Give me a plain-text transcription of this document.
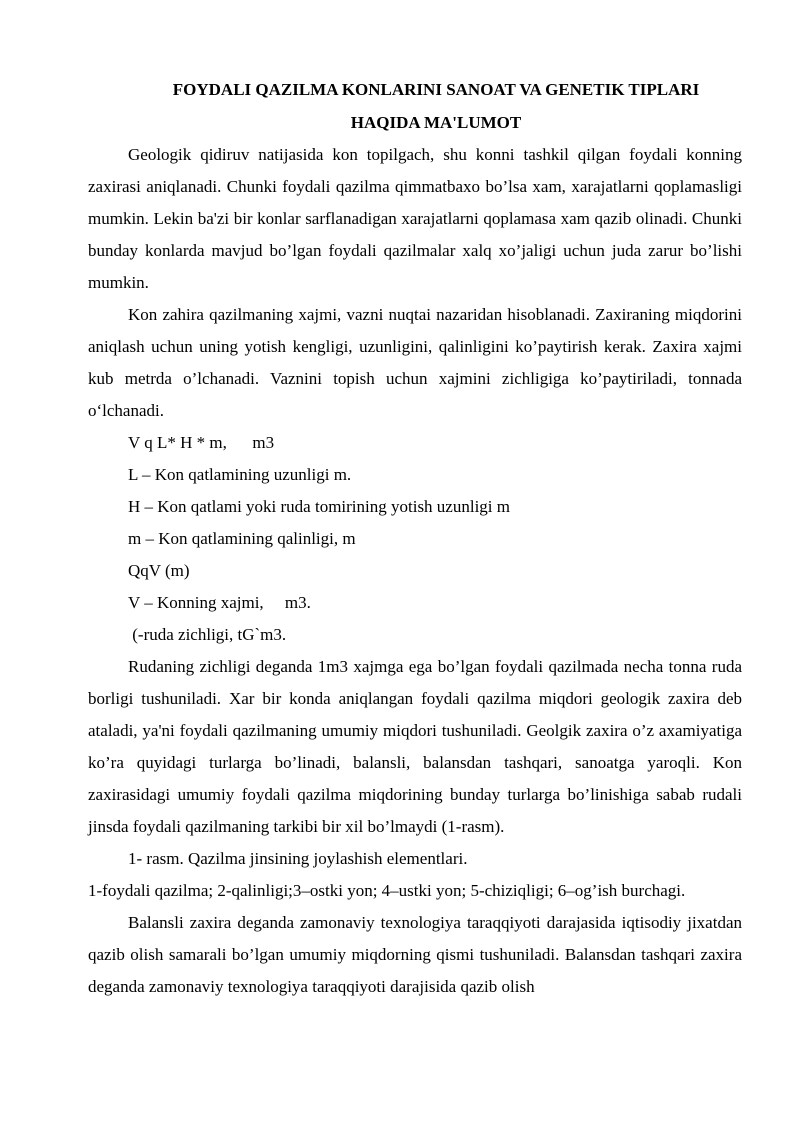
FOYDALI QAZILMA KONLARINI SANOAT VA GENETIK TIPLARI
HAQIDA MA'LUMOT

Geologik qidiruv natijasida kon topilgach, shu konni tashkil qilgan foydali konning zaxirasi aniqlanadi. Chunki foydali qazilma qimmatbaxo bo’lsa xam, xarajatlarni qoplamasligi mumkin. Lekin ba'zi bir konlar sarflanadigan xarajatlarni qoplamasa xam qazib olinadi. Chunki bunday konlarda mavjud bo’lgan foydali qazilmalar xalq xo’jaligi uchun juda zarur bo’lishi mumkin.

Kon zahira qazilmaning xajmi, vazni nuqtai nazaridan hisoblanadi. Zaxiraning miqdorini aniqlash uchun uning yotish kengligi, uzunligini, qalinligini ko’paytirish kerak. Zaxira xajmi kub metrda o’lchanadi. Vaznini topish uchun xajmini zichligiga ko’paytiriladi, tonnada o‘lchanadi.

V q L* H * m,      m3

L – Kon qatlamining uzunligi m.

H – Kon qatlami yoki ruda tomirining yotish uzunligi m

m – Kon qatlamining qalinligi, m

QqV (m)

V – Konning xajmi,     m3.

(-ruda zichligi, tG`m3.

Rudaning zichligi deganda 1m3 xajmga ega bo’lgan foydali qazilmada necha tonna ruda borligi tushuniladi. Xar bir konda aniqlangan foydali qazilma miqdori geologik zaxira deb ataladi, ya'ni foydali qazilmaning umumiy miqdori tushuniladi. Geolgik zaxira o’z axamiyatiga ko’ra quyidagi turlarga bo’linadi, balansli, balansdan tashqari, sanoatga yaroqli. Kon zaxirasidagi umumiy foydali qazilma miqdorining bunday turlarga bo’linishiga sabab rudali jinsda foydali qazilmaning tarkibi bir xil bo’lmaydi (1-rasm).

1- rasm. Qazilma jinsining joylashish elementlari.

1-foydali qazilma; 2-qalinligi;3–ostki yon; 4–ustki yon; 5-chiziqligi; 6–og’ish burchagi.

Balansli zaxira deganda zamonaviy texnologiya taraqqiyoti darajasida iqtisodiy jixatdan qazib olish samarali bo’lgan umumiy miqdorning qismi tushuniladi. Balansdan tashqari zaxira deganda zamonaviy texnologiya taraqqiyoti darajisida qazib olish
